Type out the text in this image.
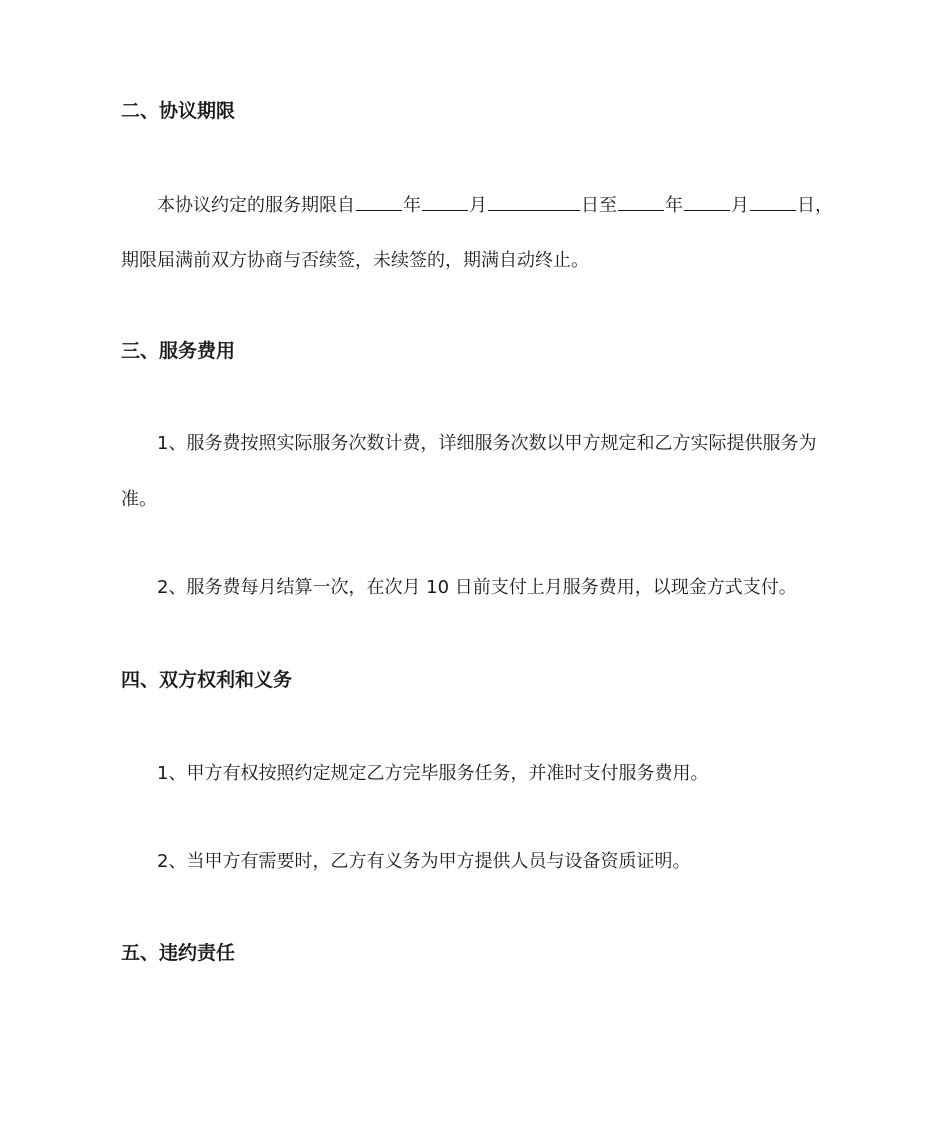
二、协议期限
本协议约定的服务期限自	年	月	日至	年	月	日，
期限届满前双方协商与否续签，未续签的，期满自动终止。
三、服务费用
1、服务费按照实际服务次数计费，详细服务次数以甲方规定和乙方实际提供服务为
准。
2、服务费每月结算一次，在次月 10 日前支付上月服务费用，以现金方式支付。
四、双方权利和义务
1、甲方有权按照约定规定乙方完毕服务任务，并准时支付服务费用。
2、当甲方有需要时，乙方有义务为甲方提供人员与设备资质证明。
五、违约责任
